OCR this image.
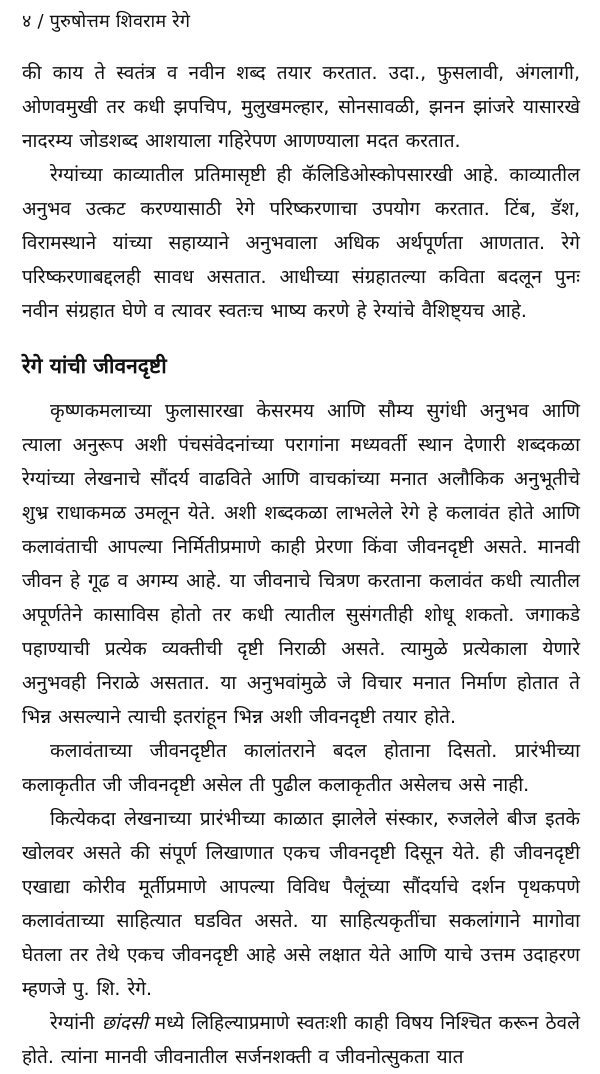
४ / पुरुषोत्तम शिवराम रेगे

की काय ते स्वतंत्र व नवीन शब्द तयार करतात. उदा., फुसलावी, अंगलागी, ओणवमुखी तर कधी झपचिप, मुलुखमल्हार, सोनसावळी, झनन झांजरे यासारखे नादरम्य जोडशब्द आशयाला गहिरेपण आणण्याला मदत करतात.

रेग्यांच्या काव्यातील प्रतिमासृष्टी ही कॅलिडिओस्कोपसारखी आहे. काव्यातील अनुभव उत्कट करण्यासाठी रेगे परिष्करणाचा उपयोग करतात. टिंब, डॅश, विरामस्थाने यांच्या सहाय्याने अनुभवाला अधिक अर्थपूर्णता आणतात. रेगे परिष्करणाबद्दलही सावध असतात. आधीच्या संग्रहातल्या कविता बदलून पुनः नवीन संग्रहात घेणे व त्यावर स्वतःच भाष्य करणे हे रेग्यांचे वैशिष्ट्यच आहे.

रेगे यांची जीवनदृष्टी

कृष्णकमलाच्या फुलासारखा केसरमय आणि सौम्य सुगंधी अनुभव आणि त्याला अनुरूप अशी पंचसंवेदनांच्या परागांना मध्यवर्ती स्थान देणारी शब्दकळा रेग्यांच्या लेखनाचे सौंदर्य वाढविते आणि वाचकांच्या मनात अलौकिक अनुभूतीचे शुभ्र राधाकमळ उमलून येते. अशी शब्दकळा लाभलेले रेगे हे कलावंत होते आणि कलावंताची आपल्या निर्मितीप्रमाणे काही प्रेरणा किंवा जीवनदृष्टी असते. मानवी जीवन हे गूढ व अगम्य आहे. या जीवनाचे चित्रण करताना कलावंत कधी त्यातील अपूर्णतेने कासाविस होतो तर कधी त्यातील सुसंगतीही शोधू शकतो. जगाकडे पहाण्याची प्रत्येक व्यक्तीची दृष्टी निराळी असते. त्यामुळे प्रत्येकाला येणारे अनुभवही निराळे असतात. या अनुभवांमुळे जे विचार मनात निर्माण होतात ते भिन्न असल्याने त्याची इतरांहून भिन्न अशी जीवनदृष्टी तयार होते.

कलावंताच्या जीवनदृष्टीत कालांतराने बदल होताना दिसतो. प्रारंभीच्या कलाकृतीत जी जीवनदृष्टी असेल ती पुढील कलाकृतीत असेलच असे नाही.

कित्येकदा लेखनाच्या प्रारंभीच्या काळात झालेले संस्कार, रुजलेले बीज इतके खोलवर असते की संपूर्ण लिखाणात एकच जीवनदृष्टी दिसून येते. ही जीवनदृष्टी एखाद्या कोरीव मूर्तीप्रमाणे आपल्या विविध पैलूंच्या सौंदर्याचे दर्शन पृथकपणे कलावंताच्या साहित्यात घडवित असते. या साहित्यकृतींचा सकलांगाने मागोवा घेतला तर तेथे एकच जीवनदृष्टी आहे असे लक्षात येते आणि याचे उत्तम उदाहरण म्हणजे पु. शि. रेगे.

रेग्यांनी छांदसी मध्ये लिहिल्याप्रमाणे स्वतःशी काही विषय निश्चित करून ठेवले होते. त्यांना मानवी जीवनातील सर्जनशक्ती व जीवनोत्सुकता यात
